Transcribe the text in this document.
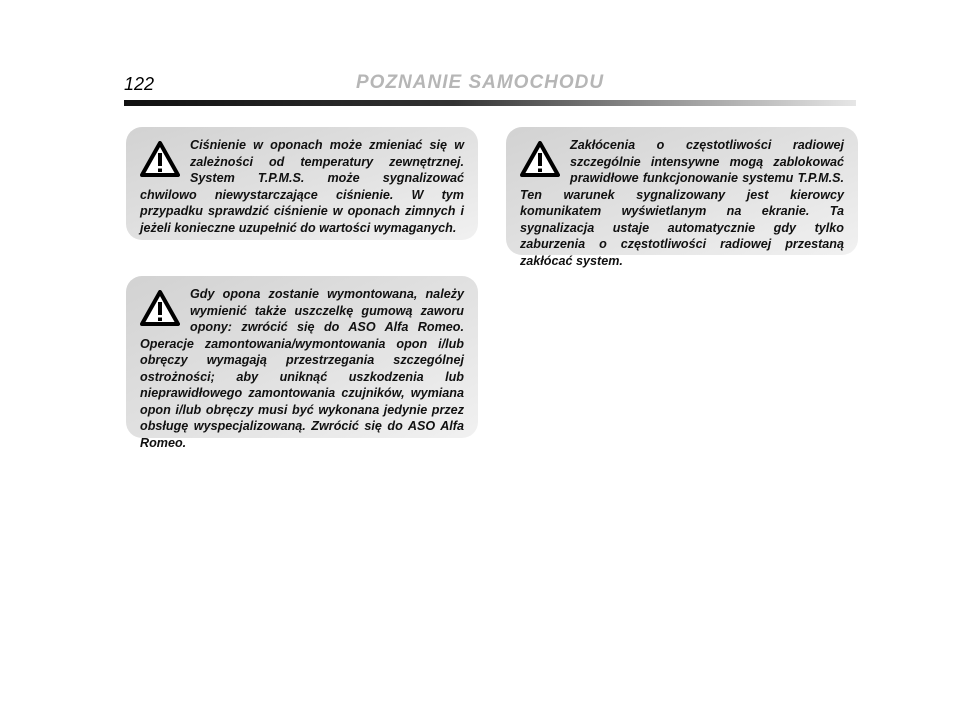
122	POZNANIE SAMOCHODU

Ciśnienie w oponach może zmieniać się w zależności od temperatury zewnętrznej. System T.P.M.S. może sygnalizować chwilowo niewystarczające ciśnienie. W tym przypadku sprawdzić ciśnienie w oponach zimnych i jeżeli konieczne uzupełnić do wartości wymaganych.

Gdy opona zostanie wymontowana, należy wymienić także uszczelkę gumową zaworu opony: zwrócić się do ASO Alfa Romeo. Operacje zamontowania/wymontowania opon i/lub obręczy wymagają przestrzegania szczególnej ostrożności; aby uniknąć uszkodzenia lub nieprawidłowego zamontowania czujników, wymiana opon i/lub obręczy musi być wykonana jedynie przez obsługę wyspecjalizowaną. Zwrócić się do ASO Alfa Romeo.

Zakłócenia o częstotliwości radiowej szczególnie intensywne mogą zablokować prawidłowe funkcjonowanie systemu T.P.M.S. Ten warunek sygnalizowany jest kierowcy komunikatem wyświetlanym na ekranie. Ta sygnalizacja ustaje automatycznie gdy tylko zaburzenia o częstotliwości radiowej przestaną zakłócać system.
